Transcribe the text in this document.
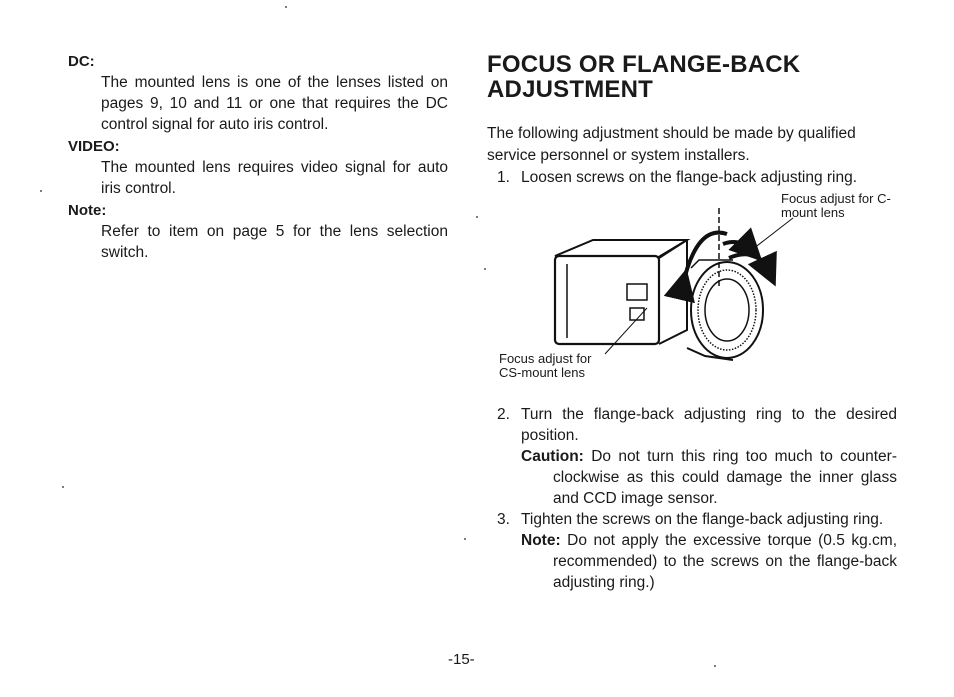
DC:

The mounted lens is one of the lenses listed on pages 9, 10 and 11 or one that requires the DC control signal for auto iris control.

VIDEO:

The mounted lens requires video signal for auto iris control.

Note:

Refer to item on page 5 for the lens selection switch.

FOCUS OR FLANGE-BACK ADJUSTMENT

The following adjustment should be made by qualified service personnel or system installers.

1. Loosen screws on the flange-back adjusting ring.
Focus adjust for C-mount lens
Focus adjust for CS-mount lens
2. Turn the flange-back adjusting ring to the desired position.
Caution: Do not turn this ring too much to counter-clockwise as this could damage the inner glass and CCD image sensor.
3. Tighten the screws on the flange-back adjusting ring.
Note: Do not apply the excessive torque (0.5 kg.cm, recommended) to the screws on the flange-back adjusting ring.)
-15-
